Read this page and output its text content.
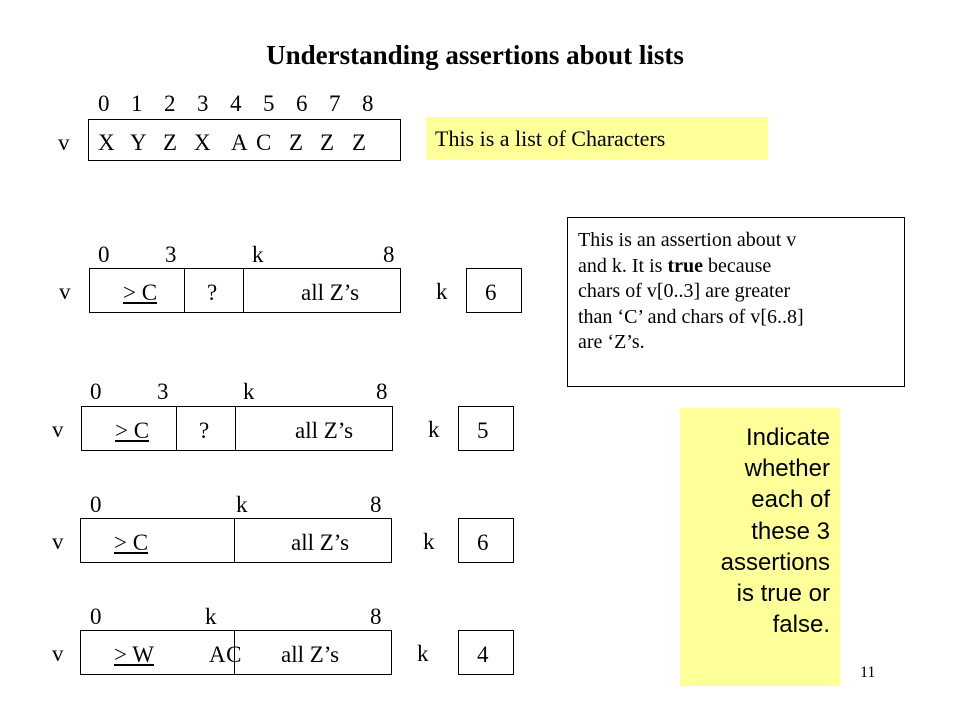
Understanding assertions about lists
0 1 2 3 4 5 6 7 8
v X Y Z X A C Z Z Z	This is a list of Characters
0 3	k	8
v > C ?	all Z’s	k 6
This is an assertion about v
and k. It is true because
chars of v[0..3] are greater
than ‘C’ and chars of v[6..8]
are ‘Z’s.
0 3	k	8
v > C ?	all Z’s	k 5
0	k	8
v > C	all Z’s	k 6
0	k	8
v > W A C all Z’s	k 4
Indicate
whether
each of
these 3
assertions
is true or
false.
11
